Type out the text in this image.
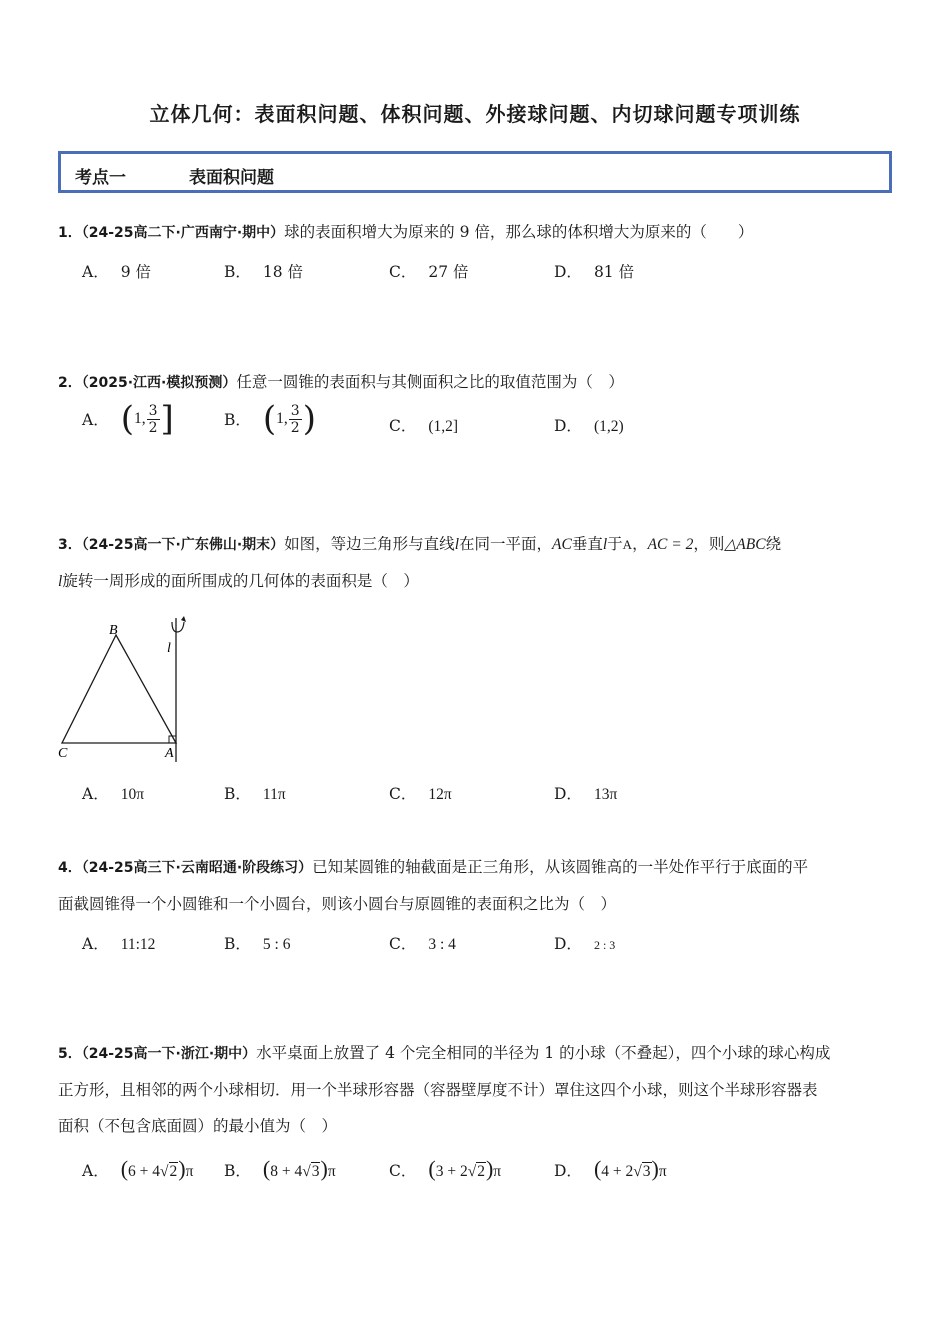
立体几何：表面积问题、体积问题、外接球问题、内切球问题专项训练
考点一	表面积问题
1．（24-25高二下·广西南宁·期中）球的表面积增大为原来的 9 倍，那么球的体积增大为原来的（　　）
A． 9 倍	B． 18 倍	C． 27 倍	D． 81 倍
2．（2025·江西·模拟预测）任意一圆锥的表面积与其侧面积之比的取值范围为（　）
A． (1, $\frac{3}{2}$ ]	B． (1, $\frac{3}{2}$ )	C． (1,2]	D． (1,2)
3．（24-25高一下·广东佛山·期末）如图，等边三角形与直线l在同一平面，AC垂直l于A，AC = 2，则△ABC绕
l旋转一周形成的面所围成的几何体的表面积是（　）
B
C	A
l
A． 10π	B． 11π	C． 12π	D． 13π
4．（24-25高三下·云南昭通·阶段练习）已知某圆锥的轴截面是正三角形，从该圆锥高的一半处作平行于底面的平
面截圆锥得一个小圆锥和一个小圆台，则该小圆台与原圆锥的表面积之比为（　）
A． 11:12	B． 5 : 6	C． 3 : 4	D． 2 : 3
5．（24-25高一下·浙江·期中）水平桌面上放置了 4 个完全相同的半径为 1 的小球（不叠起），四个小球的球心构成
正方形，且相邻的两个小球相切．用一个半球形容器（容器壁厚度不计）罩住这四个小球，则这个半球形容器表
面积（不包含底面圆）的最小值为（　）
A． (6 + 4√2)π B． (8 + 4√3)π	C． (3 + 2√2)π	D． (4 + 2√3)π
